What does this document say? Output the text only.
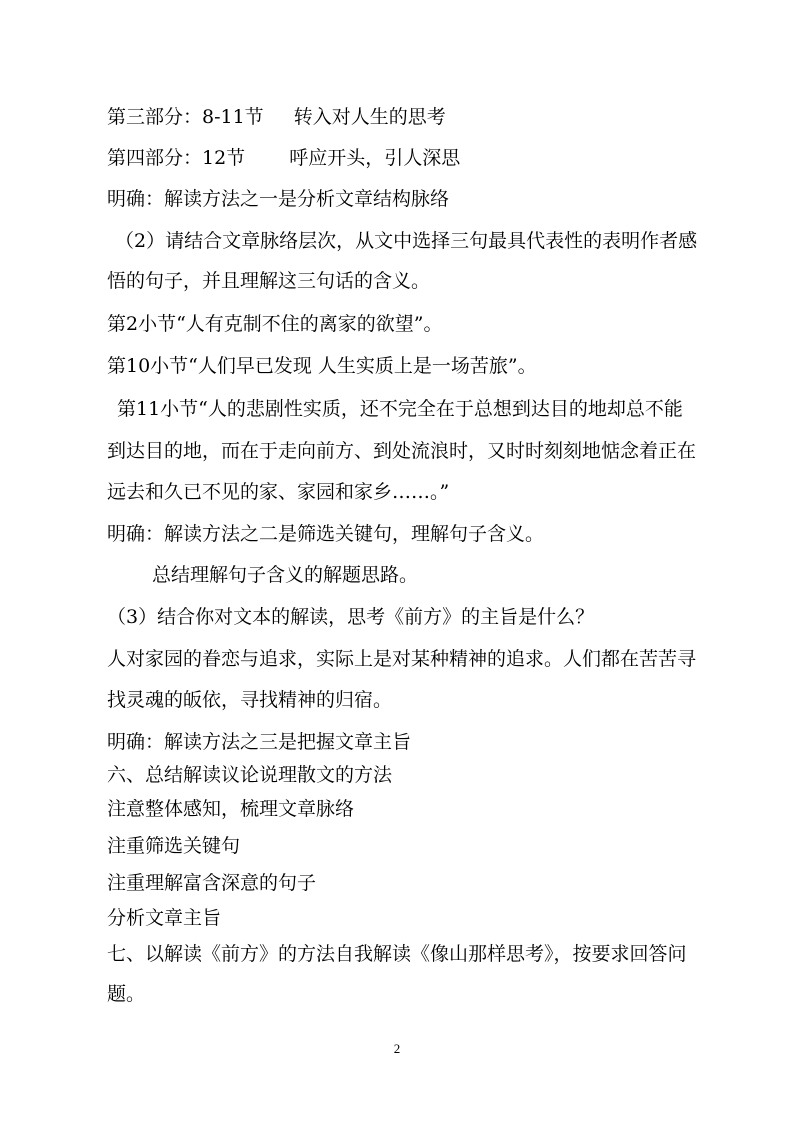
第三部分：8-11节 转入对人生的思考
第四部分：12节 呼应开头，引人深思
明确：解读方法之一是分析文章结构脉络
（2）请结合文章脉络层次，从文中选择三句最具代表性的表明作者感
悟的句子，并且理解这三句话的含义。
第2小节“人有克制不住的离家的欲望”。
第10小节“人们早已发现 人生实质上是一场苦旅”。
第11小节“人的悲剧性实质，还不完全在于总想到达目的地却总不能
到达目的地，而在于走向前方、到处流浪时，又时时刻刻地惦念着正在
远去和久已不见的家、家园和家乡……。”
明确：解读方法之二是筛选关键句，理解句子含义。
总结理解句子含义的解题思路。
（3）结合你对文本的解读，思考《前方》的主旨是什么？
人对家园的眷恋与追求，实际上是对某种精神的追求。人们都在苦苦寻
找灵魂的皈依，寻找精神的归宿。
明确：解读方法之三是把握文章主旨
六、总结解读议论说理散文的方法
注意整体感知，梳理文章脉络
注重筛选关键句
注重理解富含深意的句子
分析文章主旨
七、以解读《前方》的方法自我解读《像山那样思考》，按要求回答问
题。
2
